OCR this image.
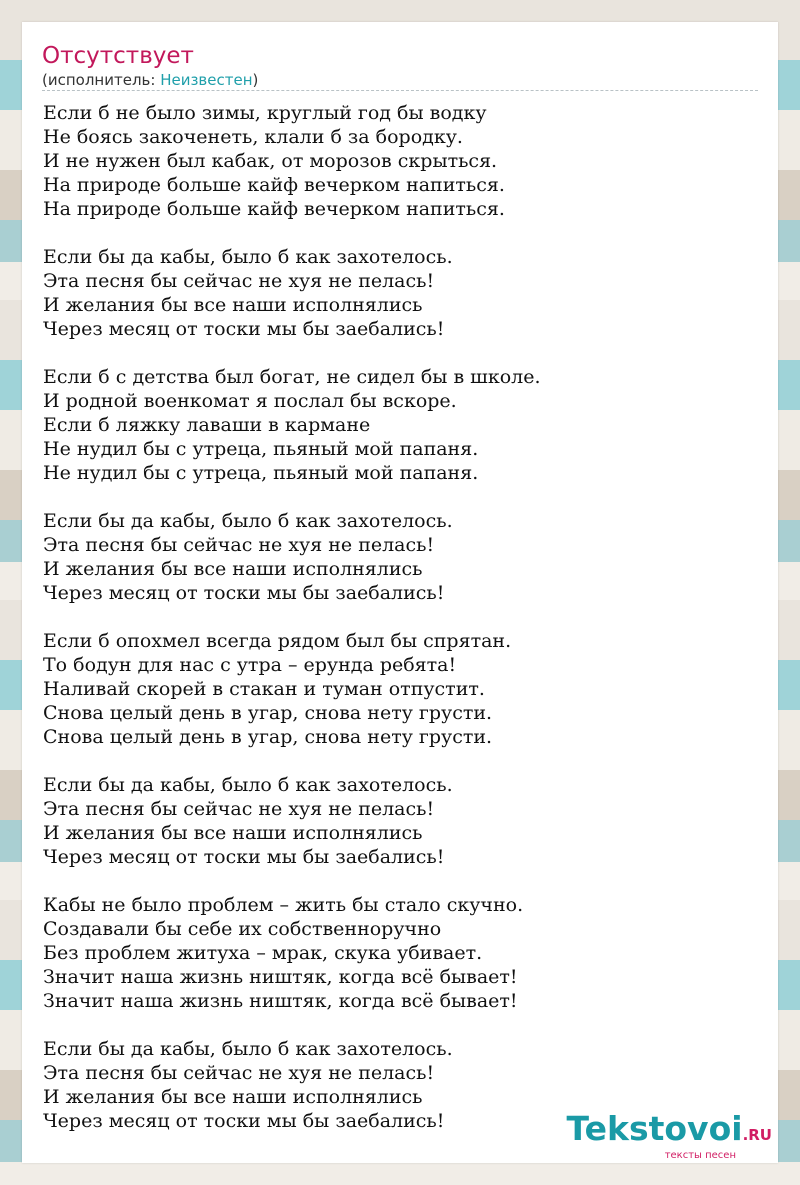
Отсутствует
(исполнитель: Неизвестен)
Если б не было зимы, круглый год бы водку
Не боясь закоченеть, клали б за бородку.
И не нужен был кабак, от морозов скрыться.
На природе больше кайф вечерком напиться.
На природе больше кайф вечерком напиться.
Если бы да кабы, было б как захотелось.
Эта песня бы сейчас не хуя не пелась!
И желания бы все наши исполнялись
Через месяц от тоски мы бы заебались!
Если б с детства был богат, не сидел бы в школе.
И родной военкомат я послал бы вскоре.
Если б ляжку лаваши в кармане
Не нудил бы с утреца, пьяный мой папаня.
Не нудил бы с утреца, пьяный мой папаня.
Если бы да кабы, было б как захотелось.
Эта песня бы сейчас не хуя не пелась!
И желания бы все наши исполнялись
Через месяц от тоски мы бы заебались!
Если б опохмел всегда рядом был бы спрятан.
То бодун для нас с утра – ерунда ребята!
Наливай скорей в стакан и туман отпустит.
Снова целый день в угар, снова нету грусти.
Снова целый день в угар, снова нету грусти.
Если бы да кабы, было б как захотелось.
Эта песня бы сейчас не хуя не пелась!
И желания бы все наши исполнялись
Через месяц от тоски мы бы заебались!
Кабы не было проблем – жить бы стало скучно.
Создавали бы себе их собственноручно
Без проблем житуха – мрак, скука убивает.
Значит наша жизнь ништяк, когда всё бывает!
Значит наша жизнь ништяк, когда всё бывает!
Если бы да кабы, было б как захотелось.
Эта песня бы сейчас не хуя не пелась!
И желания бы все наши исполнялись
Через месяц от тоски мы бы заебались!	Tekstovoi.RU
тексты песен
